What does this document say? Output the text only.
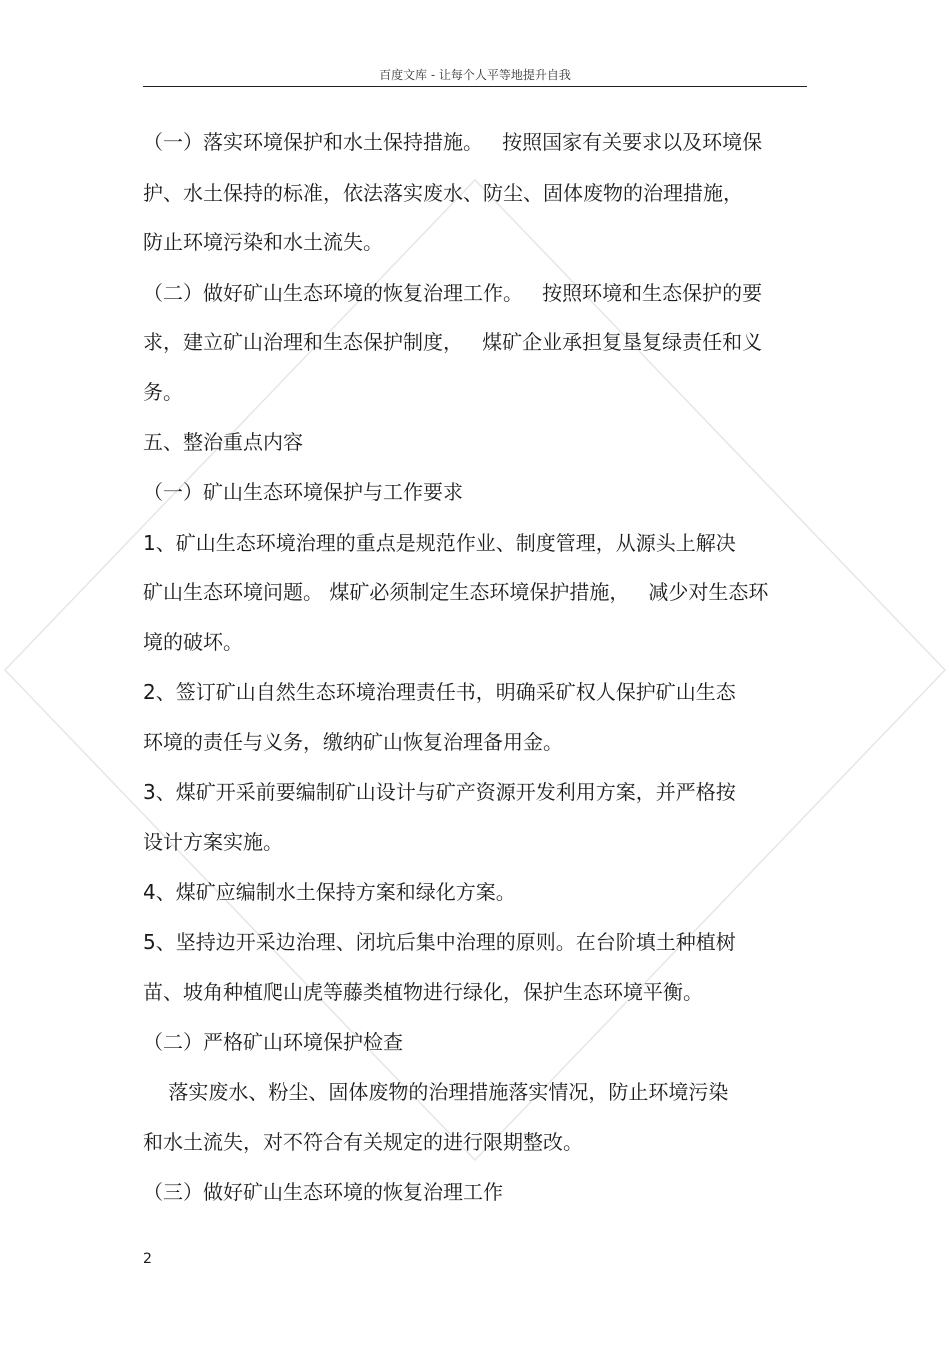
百度文库 - 让每个人平等地提升自我
（一）落实环境保护和水土保持措施。   按照国家有关要求以及环境保
护、水土保持的标准，依法落实废水、防尘、固体废物的治理措施，
防止环境污染和水土流失。
（二）做好矿山生态环境的恢复治理工作。   按照环境和生态保护的要
求，建立矿山治理和生态保护制度，   煤矿企业承担复垦复绿责任和义
务。
五、整治重点内容
（一）矿山生态环境保护与工作要求
1、矿山生态环境治理的重点是规范作业、制度管理，从源头上解决
矿山生态环境问题。 煤矿必须制定生态环境保护措施，   减少对生态环
境的破坏。
2、签订矿山自然生态环境治理责任书，明确采矿权人保护矿山生态
环境的责任与义务，缴纳矿山恢复治理备用金。
3、煤矿开采前要编制矿山设计与矿产资源开发利用方案，并严格按
设计方案实施。
4、煤矿应编制水土保持方案和绿化方案。
5、坚持边开采边治理、闭坑后集中治理的原则。在台阶填土种植树
苗、坡角种植爬山虎等藤类植物进行绿化，保护生态环境平衡。
（二）严格矿山环境保护检查
落实废水、粉尘、固体废物的治理措施落实情况，防止环境污染
和水土流失，对不符合有关规定的进行限期整改。
（三）做好矿山生态环境的恢复治理工作
2
